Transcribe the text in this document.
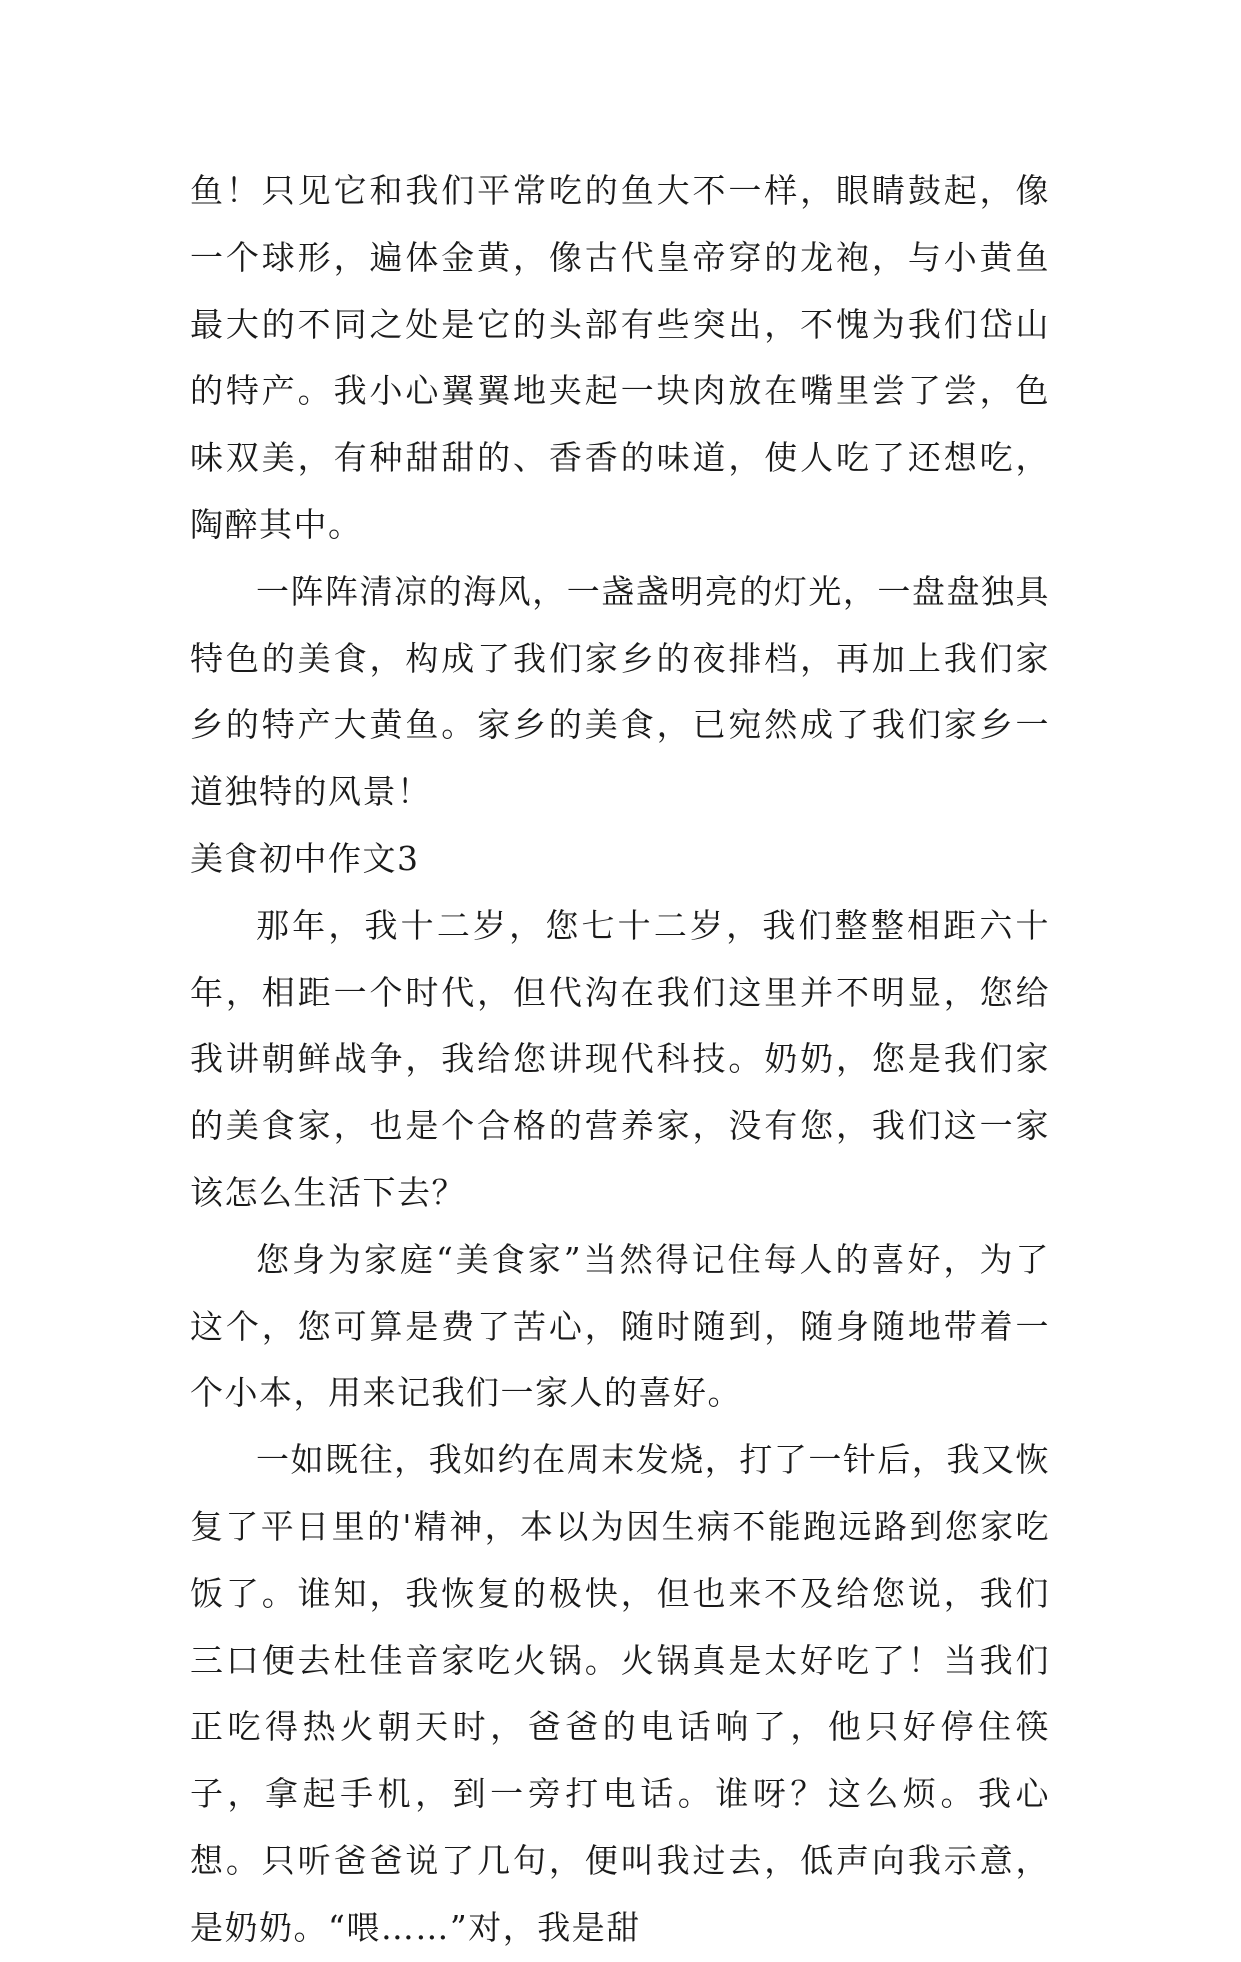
鱼！只见它和我们平常吃的鱼大不一样，眼睛鼓起，像一个球形，遍体金黄，像古代皇帝穿的龙袍，与小黄鱼最大的不同之处是它的头部有些突出，不愧为我们岱山的特产。我小心翼翼地夹起一块肉放在嘴里尝了尝，色味双美，有种甜甜的、香香的味道，使人吃了还想吃，陶醉其中。

一阵阵清凉的海风，一盏盏明亮的灯光，一盘盘独具特色的美食，构成了我们家乡的夜排档，再加上我们家乡的特产大黄鱼。家乡的美食，已宛然成了我们家乡一道独特的风景！

美食初中作文3

那年，我十二岁，您七十二岁，我们整整相距六十年，相距一个时代，但代沟在我们这里并不明显，您给我讲朝鲜战争，我给您讲现代科技。奶奶，您是我们家的美食家，也是个合格的营养家，没有您，我们这一家该怎么生活下去？

您身为家庭“美食家”当然得记住每人的喜好，为了这个，您可算是费了苦心，随时随到，随身随地带着一个小本，用来记我们一家人的喜好。

一如既往，我如约在周末发烧，打了一针后，我又恢复了平日里的'精神，本以为因生病不能跑远路到您家吃饭了。谁知，我恢复的极快，但也来不及给您说，我们三口便去杜佳音家吃火锅。火锅真是太好吃了！当我们正吃得热火朝天时，爸爸的电话响了，他只好停住筷子，拿起手机，到一旁打电话。谁呀？这么烦。我心想。只听爸爸说了几句，便叫我过去，低声向我示意，是奶奶。“喂……”对，我是甜
